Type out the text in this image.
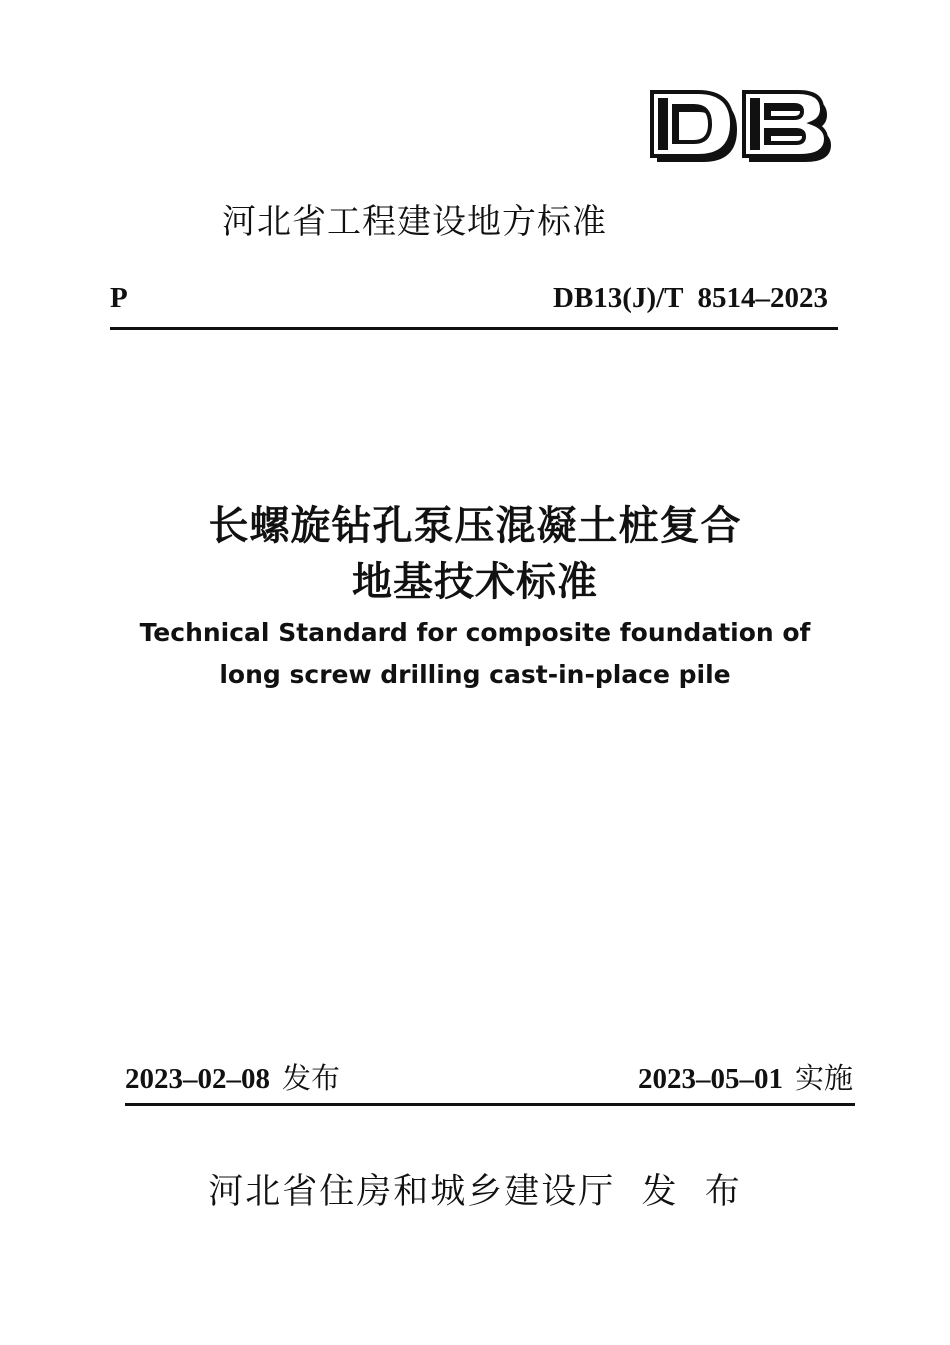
河北省工程建设地方标准
P	DB13(J)/T  8514–2023
长螺旋钻孔泵压混凝土桩复合
地基技术标准
Technical Standard for composite foundation of
long screw drilling cast-in-place pile
2023–02–08 发布	2023–05–01 实施
河北省住房和城乡建设厅  发  布
